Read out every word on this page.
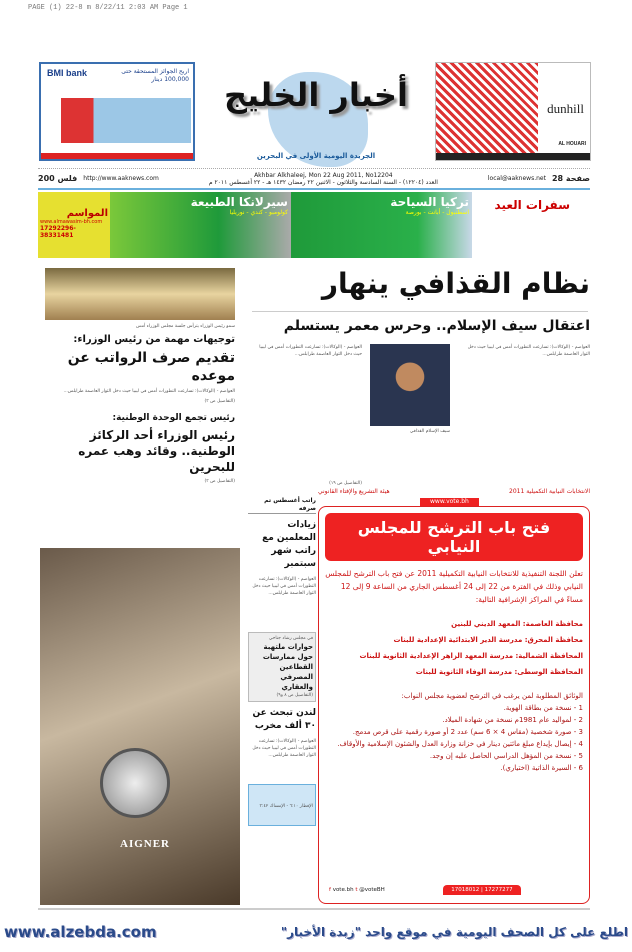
PAGE (1) 22-8 m 8/22/11 2:03 AM Page 1
BMI bank	اربح الجوائز المستحقة حتى 100,000 دينار	أخبار الخليج
الجريدة اليومية الأولى في البحرين
dunhill
AL HOUARI
200 فلس http://www.aaknews.com	Akhbar Alkhaleej, Mon 22 Aug 2011, No12204
العدد (١٢٢٠٤) - السنة السادسة والثلاثون - الاثنين ٢٢ رمضان ١٤٣٢ هـ - ٢٢ أغسطس ٢٠١١ م	local@aaknews.net 28 صفحة
المواسم
www.almawasim-bh.com
17292296-38331481
سيرلانكا الطبيعة
كولومبو - كندي - نوريليا
تركيا السياحة
اسطنبول - أبانت - بورصة
سفرات العيد
نظام القذافي ينهار
اعتقال سيف الإسلام.. وحرس معمر يستسلم
العواصم - (الوكالات): تسارعت التطورات أمس في ليبيا حيث دخل الثوار العاصمة طرابلس...
سيف الإسلام القذافي
العواصم - (الوكالات): تسارعت التطورات أمس في ليبيا حيث دخل الثوار العاصمة طرابلس...
(التفاصيل ص ١٩)
سمو رئيس الوزراء يترأس جلسة مجلس الوزراء أمس
توجيهات مهمة من رئيس الوزراء:
تقديم صرف الرواتب عن موعده
العواصم - (الوكالات): تسارعت التطورات أمس في ليبيا حيث دخل الثوار العاصمة طرابلس...
(التفاصيل ص ٣)
رئيس تجمع الوحدة الوطنية:
رئيس الوزراء أحد الركائز الوطنية.. وقائد وهب عمره للبحرين
(التفاصيل ص ٣)
AIGNER
راتب أغسطس تم صرفه
زيادات المعلمين مع راتب شهر سبتمبر
العواصم - (الوكالات): تسارعت التطورات أمس في ليبيا حيث دخل الثوار العاصمة طرابلس...
في مجلس رشاد جناحي
حوارات ملتهبة حول ممارسات القطاعين المصرفي والعقاري
(التفاصيل ص ٨ و٩)
لندن تبحث عن ٣٠ ألف مخرب
العواصم - (الوكالات): تسارعت التطورات أمس في ليبيا حيث دخل الثوار العاصمة طرابلس...
الإفطار ٦:١٠ - الإمساك ٣:٤٢
الانتخابات النيابية التكميلية 2011
هيئة التشريع والإفتاء القانوني
www.vote.bh
فتح باب الترشح للمجلس النيابي

تعلن اللجنة التنفيذية للانتخابات النيابية التكميلية 2011 عن فتح باب الترشح للمجلس النيابي وذلك في الفترة من 22 إلى 24 أغسطس الجاري من الساعة 9 إلى 12 مساءً في المراكز الإشرافية التالية:

محافظة العاصمة: المعهد الديني للبنين

محافظة المحرق: مدرسة الدير الابتدائية الإعدادية للبنات

المحافظة الشمالية: مدرسة المعهد الزاهر الإعدادية الثانوية للبنات

المحافظة الوسطى: مدرسة الوفاء الثانوية للبنات

الوثائق المطلوبة لمن يرغب في الترشح لعضوية مجلس النواب:

1 - نسخة من بطاقة الهوية.

2 - لمواليد عام 1981م نسخة من شهادة الميلاد.

3 - صورة شخصية (مقاس 4 × 6 سم) عدد 2 أو صورة رقمية على قرص مدمج.

4 - إيصال بإيداع مبلغ مائتين دينار في خزانة وزارة العدل والشئون الإسلامية والأوقاف.

5 - نسخة من المؤهل الدراسي الحاصل عليه إن وجد.

6 - السيرة الذاتية (اختياري).

f vote.bh t @voteBH	17018012 | 17277277
www.alzebda.com	اطلع على كل الصحف اليومية في موقع واحد "زبدة الأخبار"
